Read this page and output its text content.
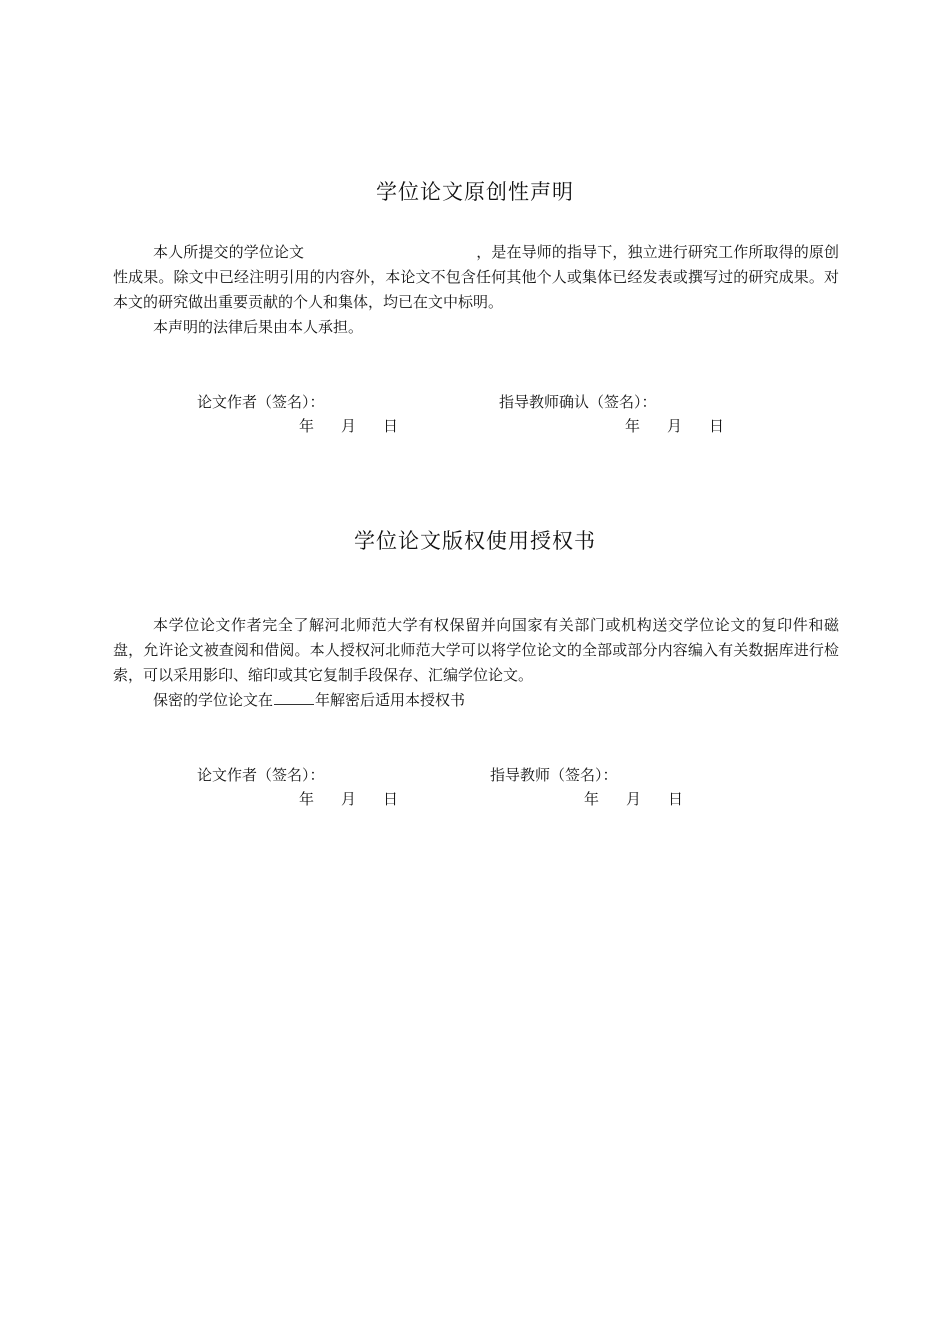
学位论文原创性声明

本人所提交的学位论文	，是在导师的指导下，独立进行研究工作所取得的原创性成果。除文中已经注明引用的内容外，本论文不包含任何其他个人或集体已经发表或撰写过的研究成果。对本文的研究做出重要贡献的个人和集体，均已在文中标明。

本声明的法律后果由本人承担。

论文作者（签名）：	指导教师确认（签名）：

年 月 日	年 月 日
学位论文版权使用授权书

本学位论文作者完全了解河北师范大学有权保留并向国家有关部门或机构送交学位论文的复印件和磁盘，允许论文被查阅和借阅。本人授权河北师范大学可以将学位论文的全部或部分内容编入有关数据库进行检索，可以采用影印、缩印或其它复制手段保存、汇编学位论文。

保密的学位论文在	年解密后适用本授权书

论文作者（签名）：	指导教师（签名）：

年 月 日	年 月 日
